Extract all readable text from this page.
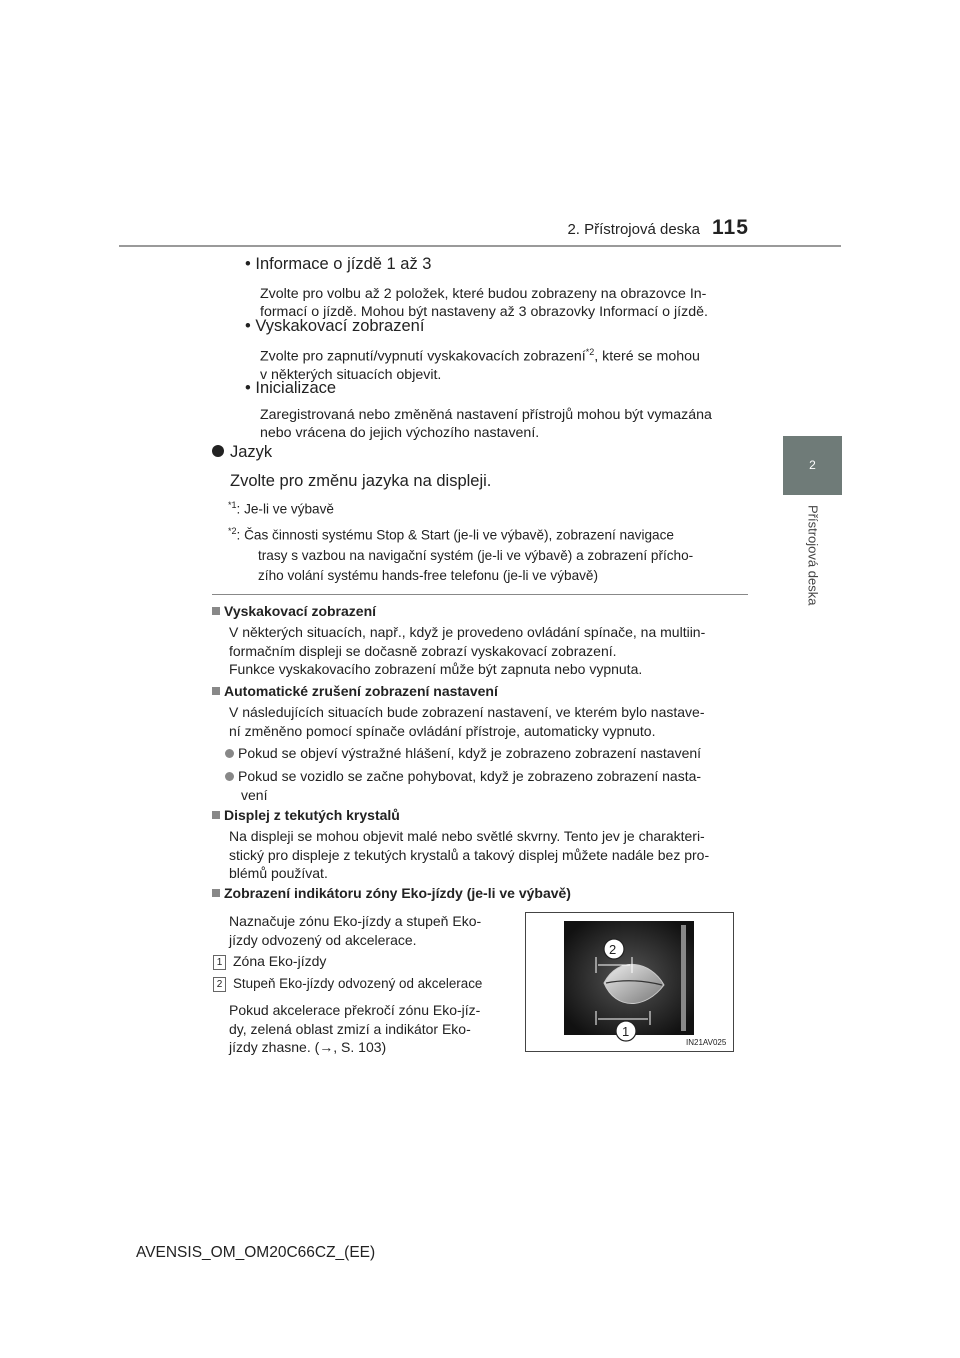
2. Přístrojová deska 115
2
Přístrojová deska
• Informace o jízdě 1 až 3
Zvolte pro volbu až 2 položek, které budou zobrazeny na obrazovce In-
formací o jízdě. Mohou být nastaveny až 3 obrazovky Informací o jízdě.
• Vyskakovací zobrazení
Zvolte pro zapnutí/vypnutí vyskakovacích zobrazení$^{*2}$, které se mohou
v některých situacích objevit.
• Inicializace
Zaregistrovaná nebo změněná nastavení přístrojů mohou být vymazána
nebo vrácena do jejich výchozího nastavení.
Jazyk
Zvolte pro změnu jazyka na displeji.
$^{*1}$: Je-li ve výbavě
$^{*2}$: Čas činnosti systému Stop & Start (je-li ve výbavě), zobrazení navigace
trasy s vazbou na navigační systém (je-li ve výbavě) a zobrazení přícho-
zího volání systému hands-free telefonu (je-li ve výbavě)
Vyskakovací zobrazení
V některých situacích, např., když je provedeno ovládání spínače, na multiin-
formačním displeji se dočasně zobrazí vyskakovací zobrazení.
Funkce vyskakovacího zobrazení může být zapnuta nebo vypnuta.
Automatické zrušení zobrazení nastavení
V následujících situacích bude zobrazení nastavení, ve kterém bylo nastave-
ní změněno pomocí spínače ovládání přístroje, automaticky vypnuto.
Pokud se objeví výstražné hlášení, když je zobrazeno zobrazení nastavení
Pokud se vozidlo se začne pohybovat, když je zobrazeno zobrazení nasta-
vení
Displej z tekutých krystalů
Na displeji se mohou objevit malé nebo světlé skvrny. Tento jev je charakteri-
stický pro displeje z tekutých krystalů a takový displej můžete nadále bez pro-
blémů používat.
Zobrazení indikátoru zóny Eko-jízdy (je-li ve výbavě)
Naznačuje zónu Eko-jízdy a stupeň Eko-
jízdy odvozený od akcelerace.
1 Zóna Eko-jízdy
2 Stupeň Eko-jízdy odvozený od akcelerace
Pokud akcelerace překročí zónu Eko-jíz-
dy, zelená oblast zmizí a indikátor Eko-
jízdy zhasne. (→, S. 103)
2
1
IN21AV025
AVENSIS_OM_OM20C66CZ_(EE)
